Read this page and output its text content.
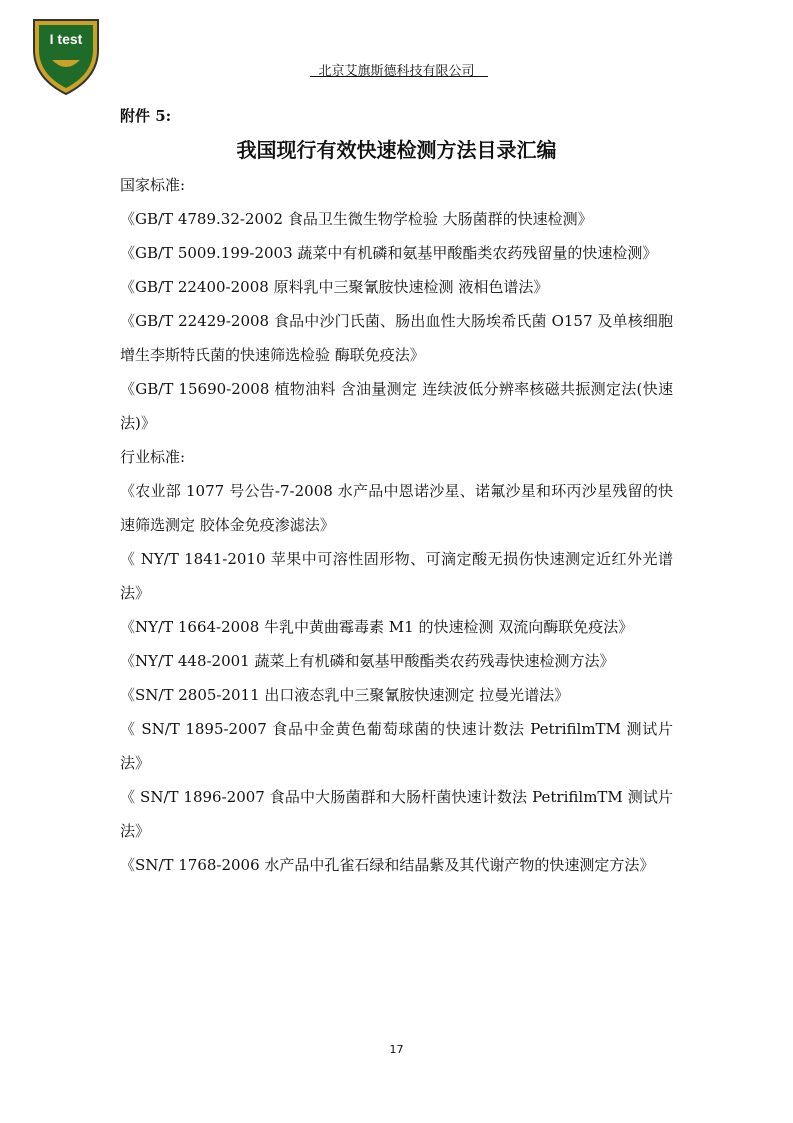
I test
北京艾旗斯德科技有限公司

附件 5:

我国现行有效快速检测方法目录汇编

国家标准:

《GB/T 4789.32-2002 食品卫生微生物学检验 大肠菌群的快速检测》

《GB/T 5009.199-2003 蔬菜中有机磷和氨基甲酸酯类农药残留量的快速检测》

《GB/T 22400-2008 原料乳中三聚氰胺快速检测 液相色谱法》

《GB/T 22429-2008 食品中沙门氏菌、肠出血性大肠埃希氏菌 O157 及单核细胞增生李斯特氏菌的快速筛选检验 酶联免疫法》

《GB/T 15690-2008 植物油料 含油量测定 连续波低分辨率核磁共振测定法(快速法)》

行业标准:

《农业部 1077 号公告-7-2008 水产品中恩诺沙星、诺氟沙星和环丙沙星残留的快速筛选测定 胶体金免疫渗滤法》

《 NY/T 1841-2010 苹果中可溶性固形物、可滴定酸无损伤快速测定近红外光谱法》

《NY/T 1664-2008 牛乳中黄曲霉毒素 M1 的快速检测 双流向酶联免疫法》

《NY/T 448-2001 蔬菜上有机磷和氨基甲酸酯类农药残毒快速检测方法》

《SN/T 2805-2011 出口液态乳中三聚氰胺快速测定 拉曼光谱法》

《 SN/T 1895-2007 食品中金黄色葡萄球菌的快速计数法 PetrifilmTM 测试片法》

《 SN/T 1896-2007 食品中大肠菌群和大肠杆菌快速计数法 PetrifilmTM 测试片法》

《SN/T 1768-2006 水产品中孔雀石绿和结晶紫及其代谢产物的快速测定方法》

17
